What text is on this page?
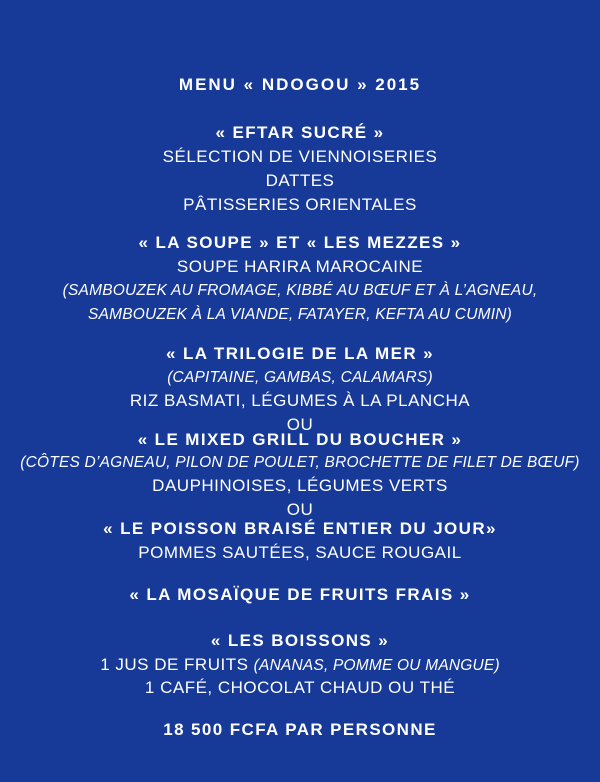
MENU « NDOGOU » 2015
« EFTAR SUCRÉ »
SÉLECTION DE VIENNOISERIES
DATTES
PÂTISSERIES ORIENTALES
« LA SOUPE » ET « LES MEZZES »
SOUPE HARIRA MAROCAINE
(SAMBOUZEK AU FROMAGE, KIBBÉ AU BŒUF ET À L’AGNEAU,
SAMBOUZEK À LA VIANDE, FATAYER, KEFTA AU CUMIN)
« LA TRILOGIE DE LA MER »
(CAPITAINE, GAMBAS, CALAMARS)
RIZ BASMATI, LÉGUMES À LA PLANCHA
OU
« LE MIXED GRILL DU BOUCHER »
(CÔTES D’AGNEAU, PILON DE POULET, BROCHETTE DE FILET DE BŒUF)
DAUPHINOISES, LÉGUMES VERTS
OU
« LE POISSON BRAISÉ ENTIER DU JOUR»
POMMES SAUTÉES, SAUCE ROUGAIL
« LA MOSAÏQUE DE FRUITS FRAIS »
« LES BOISSONS »
1 JUS DE FRUITS (ANANAS, POMME OU MANGUE)
1 CAFÉ, CHOCOLAT CHAUD OU THÉ
18 500 FCFA PAR PERSONNE
